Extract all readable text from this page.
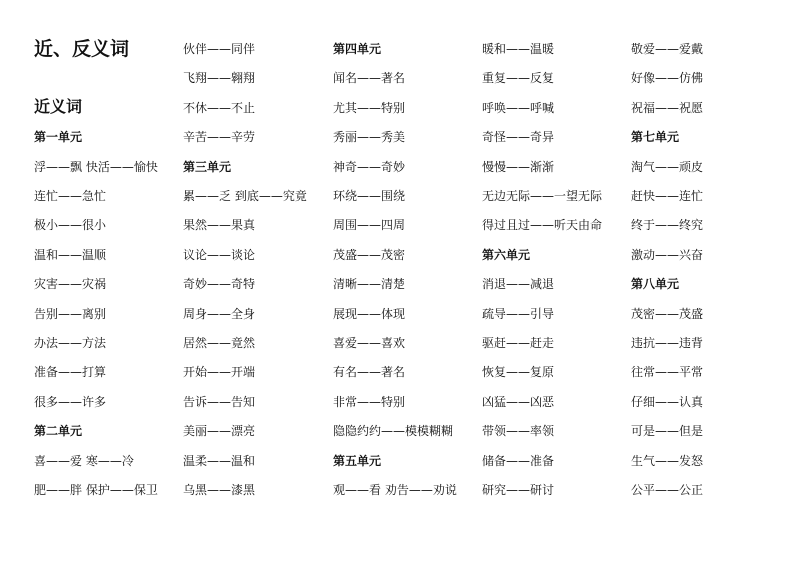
近、反义词
近义词
第一单元
浮——飘 快活——愉快
连忙——急忙
极小——很小
温和——温顺
灾害——灾祸
告别——离别
办法——方法
准备——打算
很多——许多
第二单元
喜——爱 寒——冷
肥——胖 保护——保卫
伙伴——同伴
飞翔——翱翔
不休——不止
辛苦——辛劳
第三单元
累——乏 到底——究竟
果然——果真
议论——谈论
奇妙——奇特
周身——全身
居然——竟然
开始——开端
告诉——告知
美丽——漂亮
温柔——温和
乌黑——漆黑
第四单元
闻名——著名
尤其——特别
秀丽——秀美
神奇——奇妙
环绕——围绕
周围——四周
茂盛——茂密
清晰——清楚
展现——体现
喜爱——喜欢
有名——著名
非常——特别
隐隐约约——模模糊糊
第五单元
观——看 劝告——劝说
暖和——温暖
重复——反复
呼唤——呼喊
奇怪——奇异
慢慢——渐渐
无边无际——一望无际
得过且过——听天由命
第六单元
消退——减退
疏导——引导
驱赶——赶走
恢复——复原
凶猛——凶恶
带领——率领
储备——准备
研究——研讨
敬爱——爱戴
好像——仿佛
祝福——祝愿
第七单元
淘气——顽皮
赶快——连忙
终于——终究
激动——兴奋
第八单元
茂密——茂盛
违抗——违背
往常——平常
仔细——认真
可是——但是
生气——发怒
公平——公正
